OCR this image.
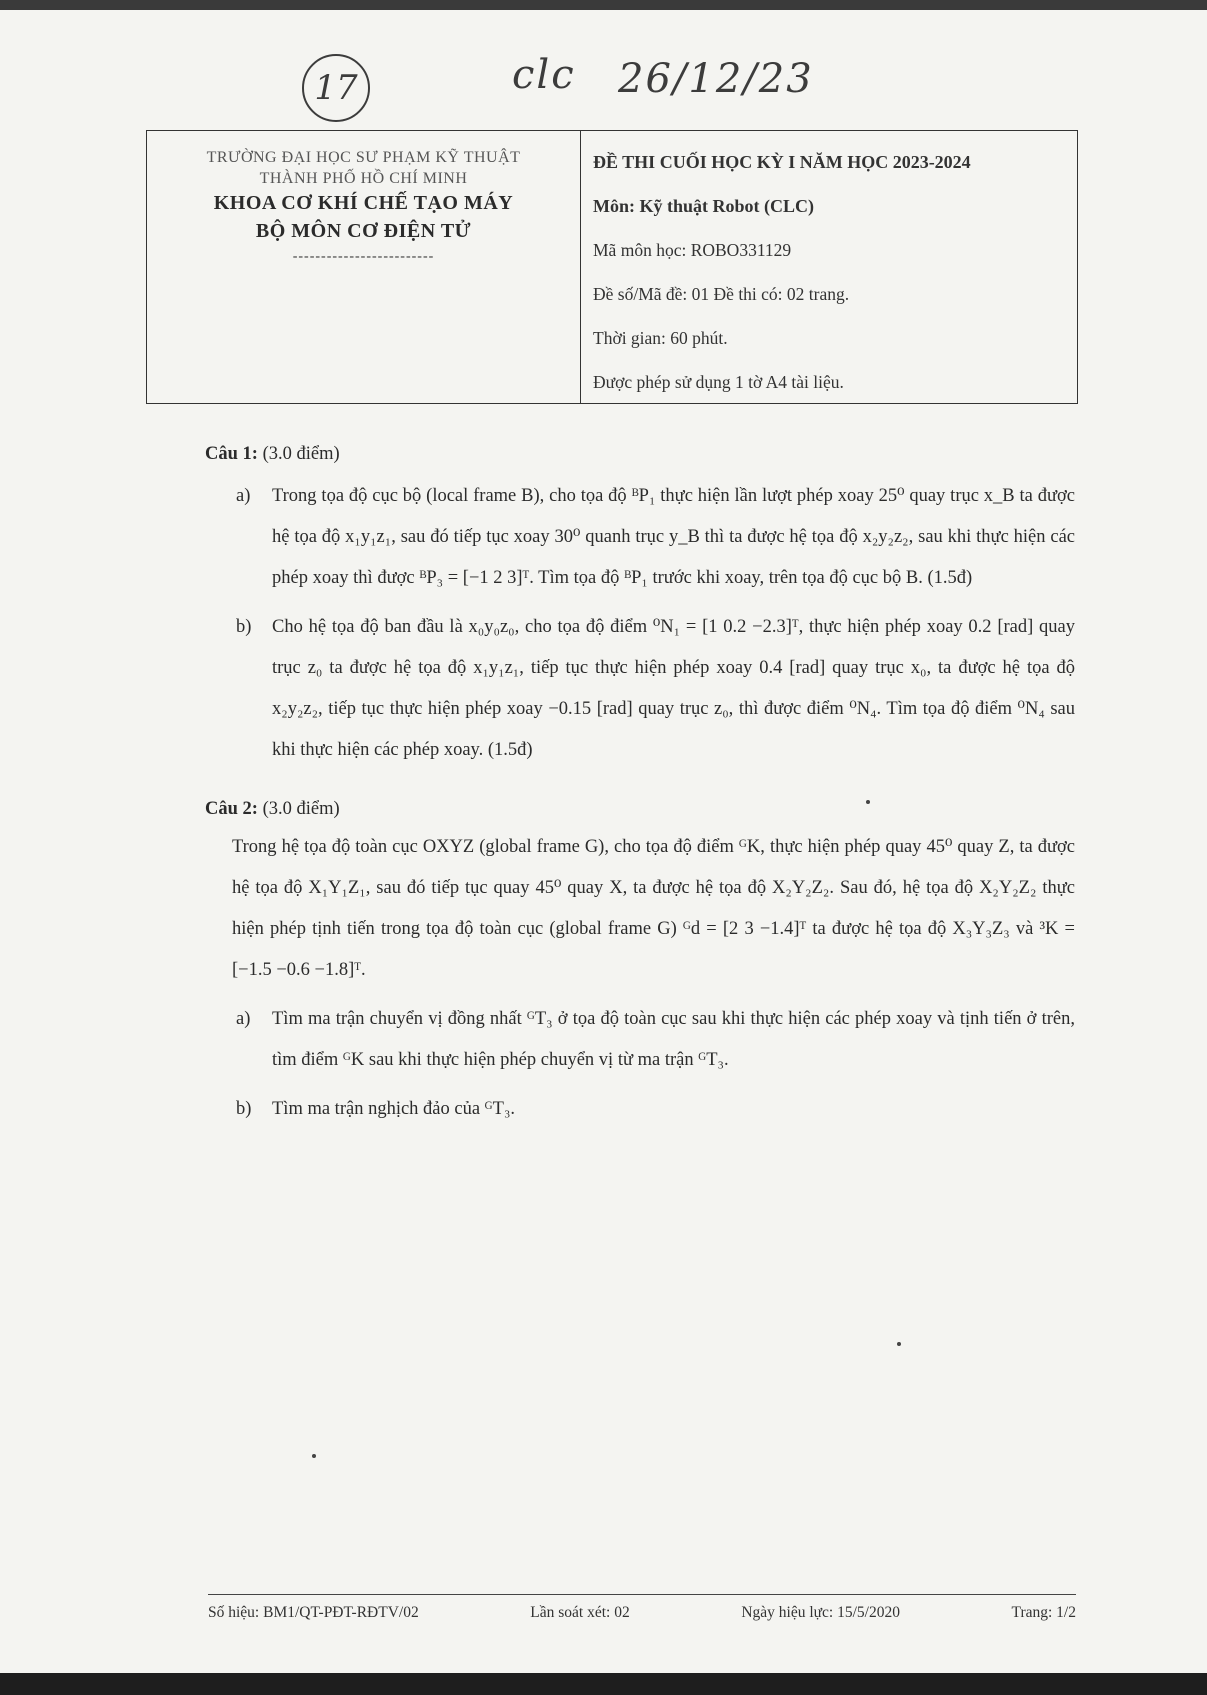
17	clc 26/12/23
TRƯỜNG ĐẠI HỌC SƯ PHẠM KỸ THUẬT
THÀNH PHỐ HỒ CHÍ MINH
KHOA CƠ KHÍ CHẾ TẠO MÁY
BỘ MÔN CƠ ĐIỆN TỬ
-------------------------
ĐỀ THI CUỐI HỌC KỲ I NĂM HỌC 2023-2024
Môn: Kỹ thuật Robot (CLC)
Mã môn học: ROBO331129
Đề số/Mã đề: 01 Đề thi có: 02 trang.
Thời gian: 60 phút.
Được phép sử dụng 1 tờ A4 tài liệu.
Câu 1: (3.0 điểm)
a)	Trong tọa độ cục bộ (local frame B), cho tọa độ ᴮP₁ thực hiện lần lượt phép xoay 25⁰ quay trục x_B ta được hệ tọa độ x₁y₁z₁, sau đó tiếp tục xoay 30⁰ quanh trục y_B thì ta được hệ tọa độ x₂y₂z₂, sau khi thực hiện các phép xoay thì được ᴮP₃ = [−1 2 3]ᵀ. Tìm tọa độ ᴮP₁ trước khi xoay, trên tọa độ cục bộ B. (1.5đ)
b)	Cho hệ tọa độ ban đầu là x₀y₀z₀, cho tọa độ điểm ⁰N₁ = [1 0.2 −2.3]ᵀ, thực hiện phép xoay 0.2 [rad] quay trục z₀ ta được hệ tọa độ x₁y₁z₁, tiếp tục thực hiện phép xoay 0.4 [rad] quay trục x₀, ta được hệ tọa độ x₂y₂z₂, tiếp tục thực hiện phép xoay −0.15 [rad] quay trục z₀, thì được điểm ⁰N₄. Tìm tọa độ điểm ⁰N₄ sau khi thực hiện các phép xoay. (1.5đ)
Câu 2: (3.0 điểm)
Trong hệ tọa độ toàn cục OXYZ (global frame G), cho tọa độ điểm ᴳK, thực hiện phép quay 45⁰ quay Z, ta được hệ tọa độ X₁Y₁Z₁, sau đó tiếp tục quay 45⁰ quay X, ta được hệ tọa độ X₂Y₂Z₂. Sau đó, hệ tọa độ X₂Y₂Z₂ thực hiện phép tịnh tiến trong tọa độ toàn cục (global frame G) ᴳd = [2 3 −1.4]ᵀ ta được hệ tọa độ X₃Y₃Z₃ và ³K = [−1.5 −0.6 −1.8]ᵀ.
a)	Tìm ma trận chuyển vị đồng nhất ᴳT₃ ở tọa độ toàn cục sau khi thực hiện các phép xoay và tịnh tiến ở trên, tìm điểm ᴳK sau khi thực hiện phép chuyển vị từ ma trận ᴳT₃.
b)	Tìm ma trận nghịch đảo của ᴳT₃.
Số hiệu: BM1/QT-PĐT-RĐTV/02	Lần soát xét: 02	Ngày hiệu lực: 15/5/2020	Trang: 1/2
